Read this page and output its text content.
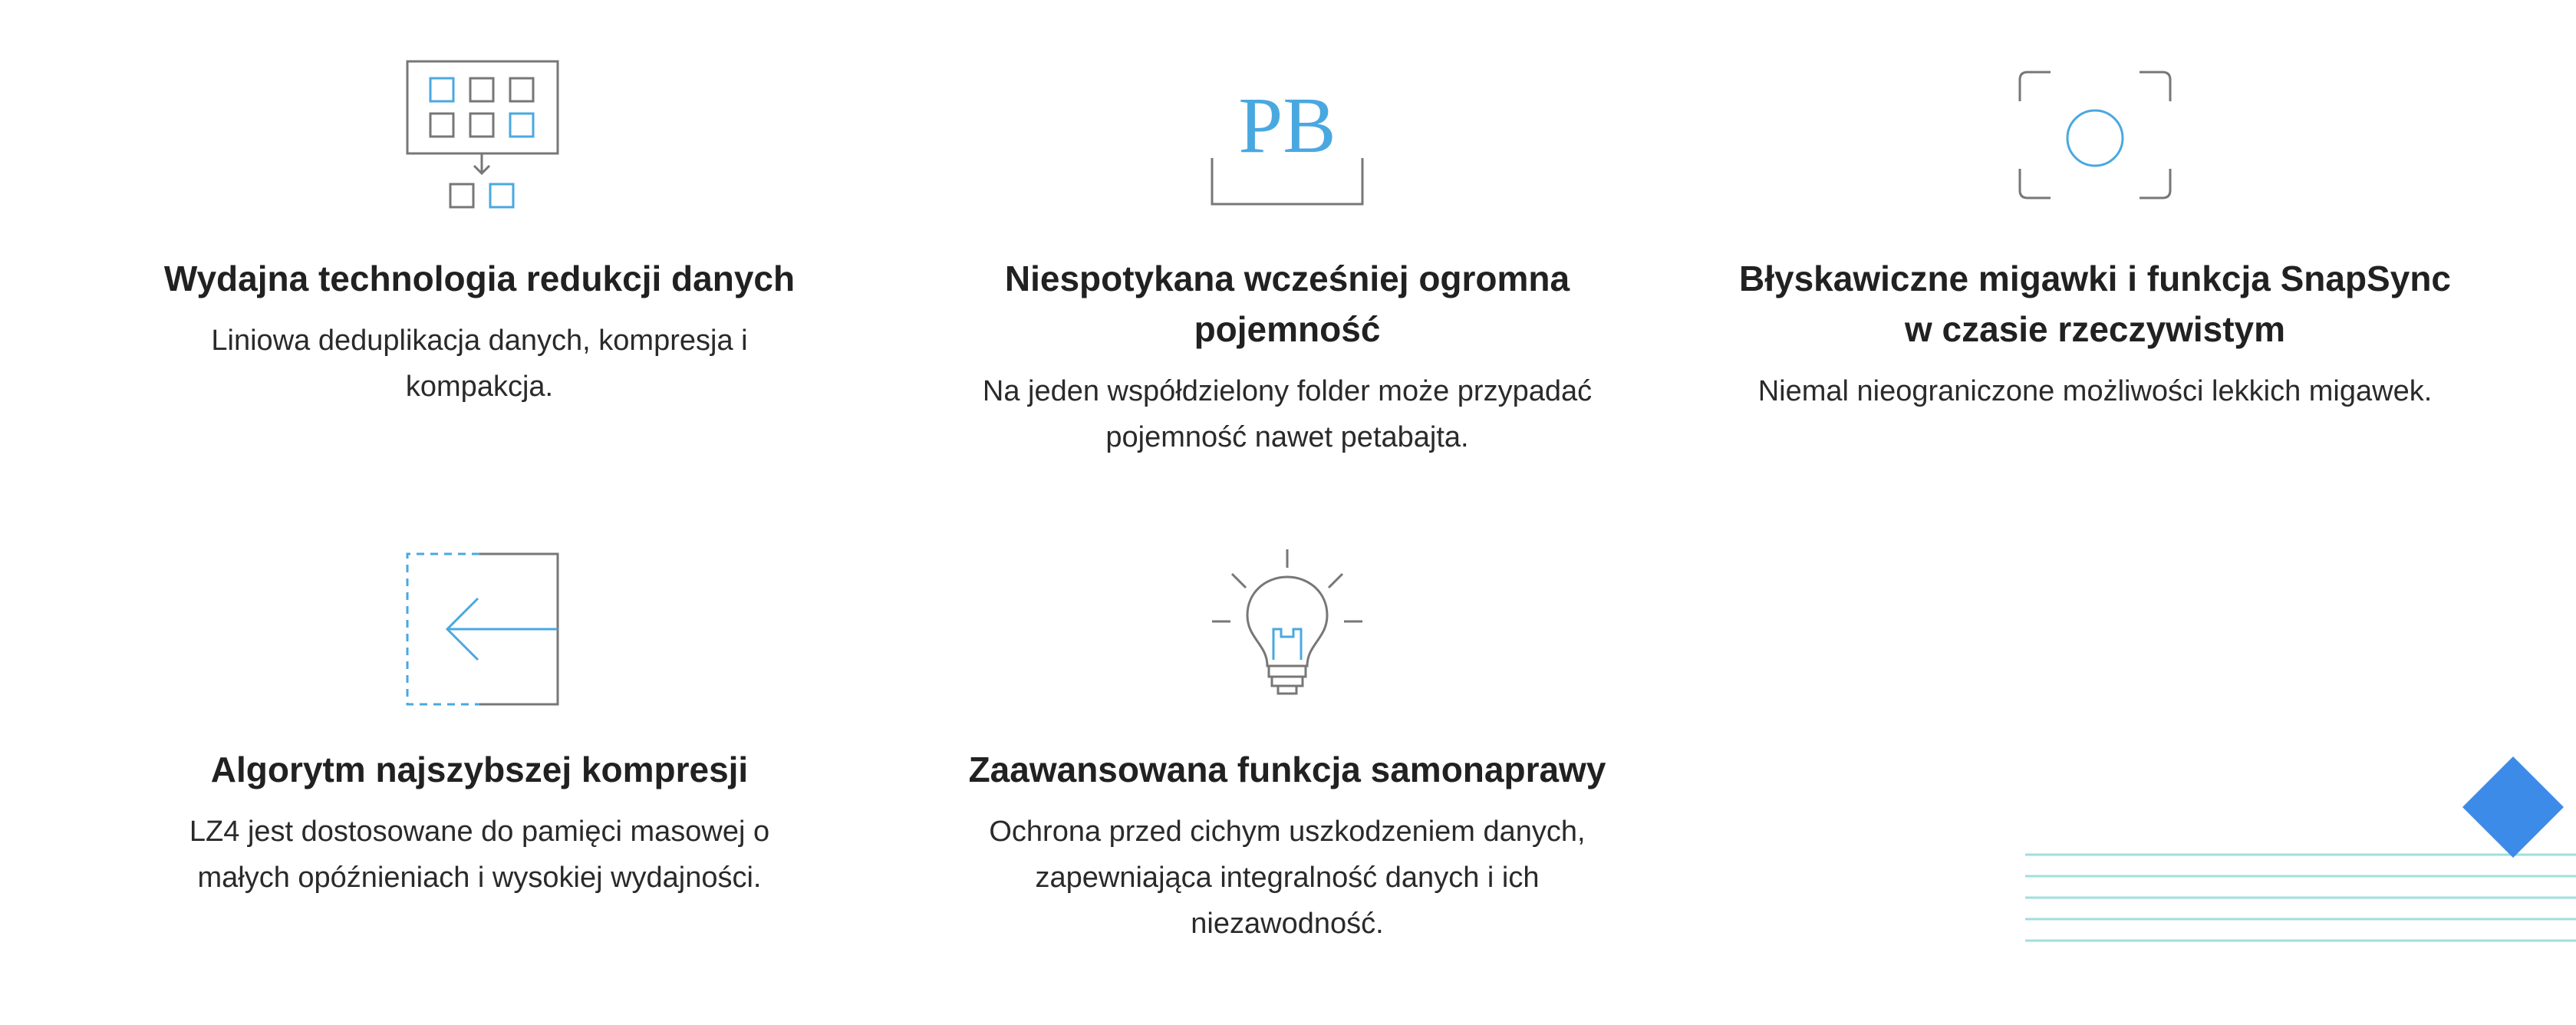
Wydajna technologia redukcji danych

Liniowa deduplikacja danych, kompresja i kompakcja.

PB
Niespotykana wcześniej ogromna pojemność

Na jeden współdzielony folder może przypadać pojemność nawet petabajta.

Błyskawiczne migawki i funkcja SnapSync w czasie rzeczywistym

Niemal nieograniczone możliwości lekkich migawek.

Algorytm najszybszej kompresji

LZ4 jest dostosowane do pamięci masowej o małych opóźnieniach i wysokiej wydajności.

Zaawansowana funkcja samonaprawy

Ochrona przed cichym uszkodzeniem danych, zapewniająca integralność danych i ich niezawodność.
